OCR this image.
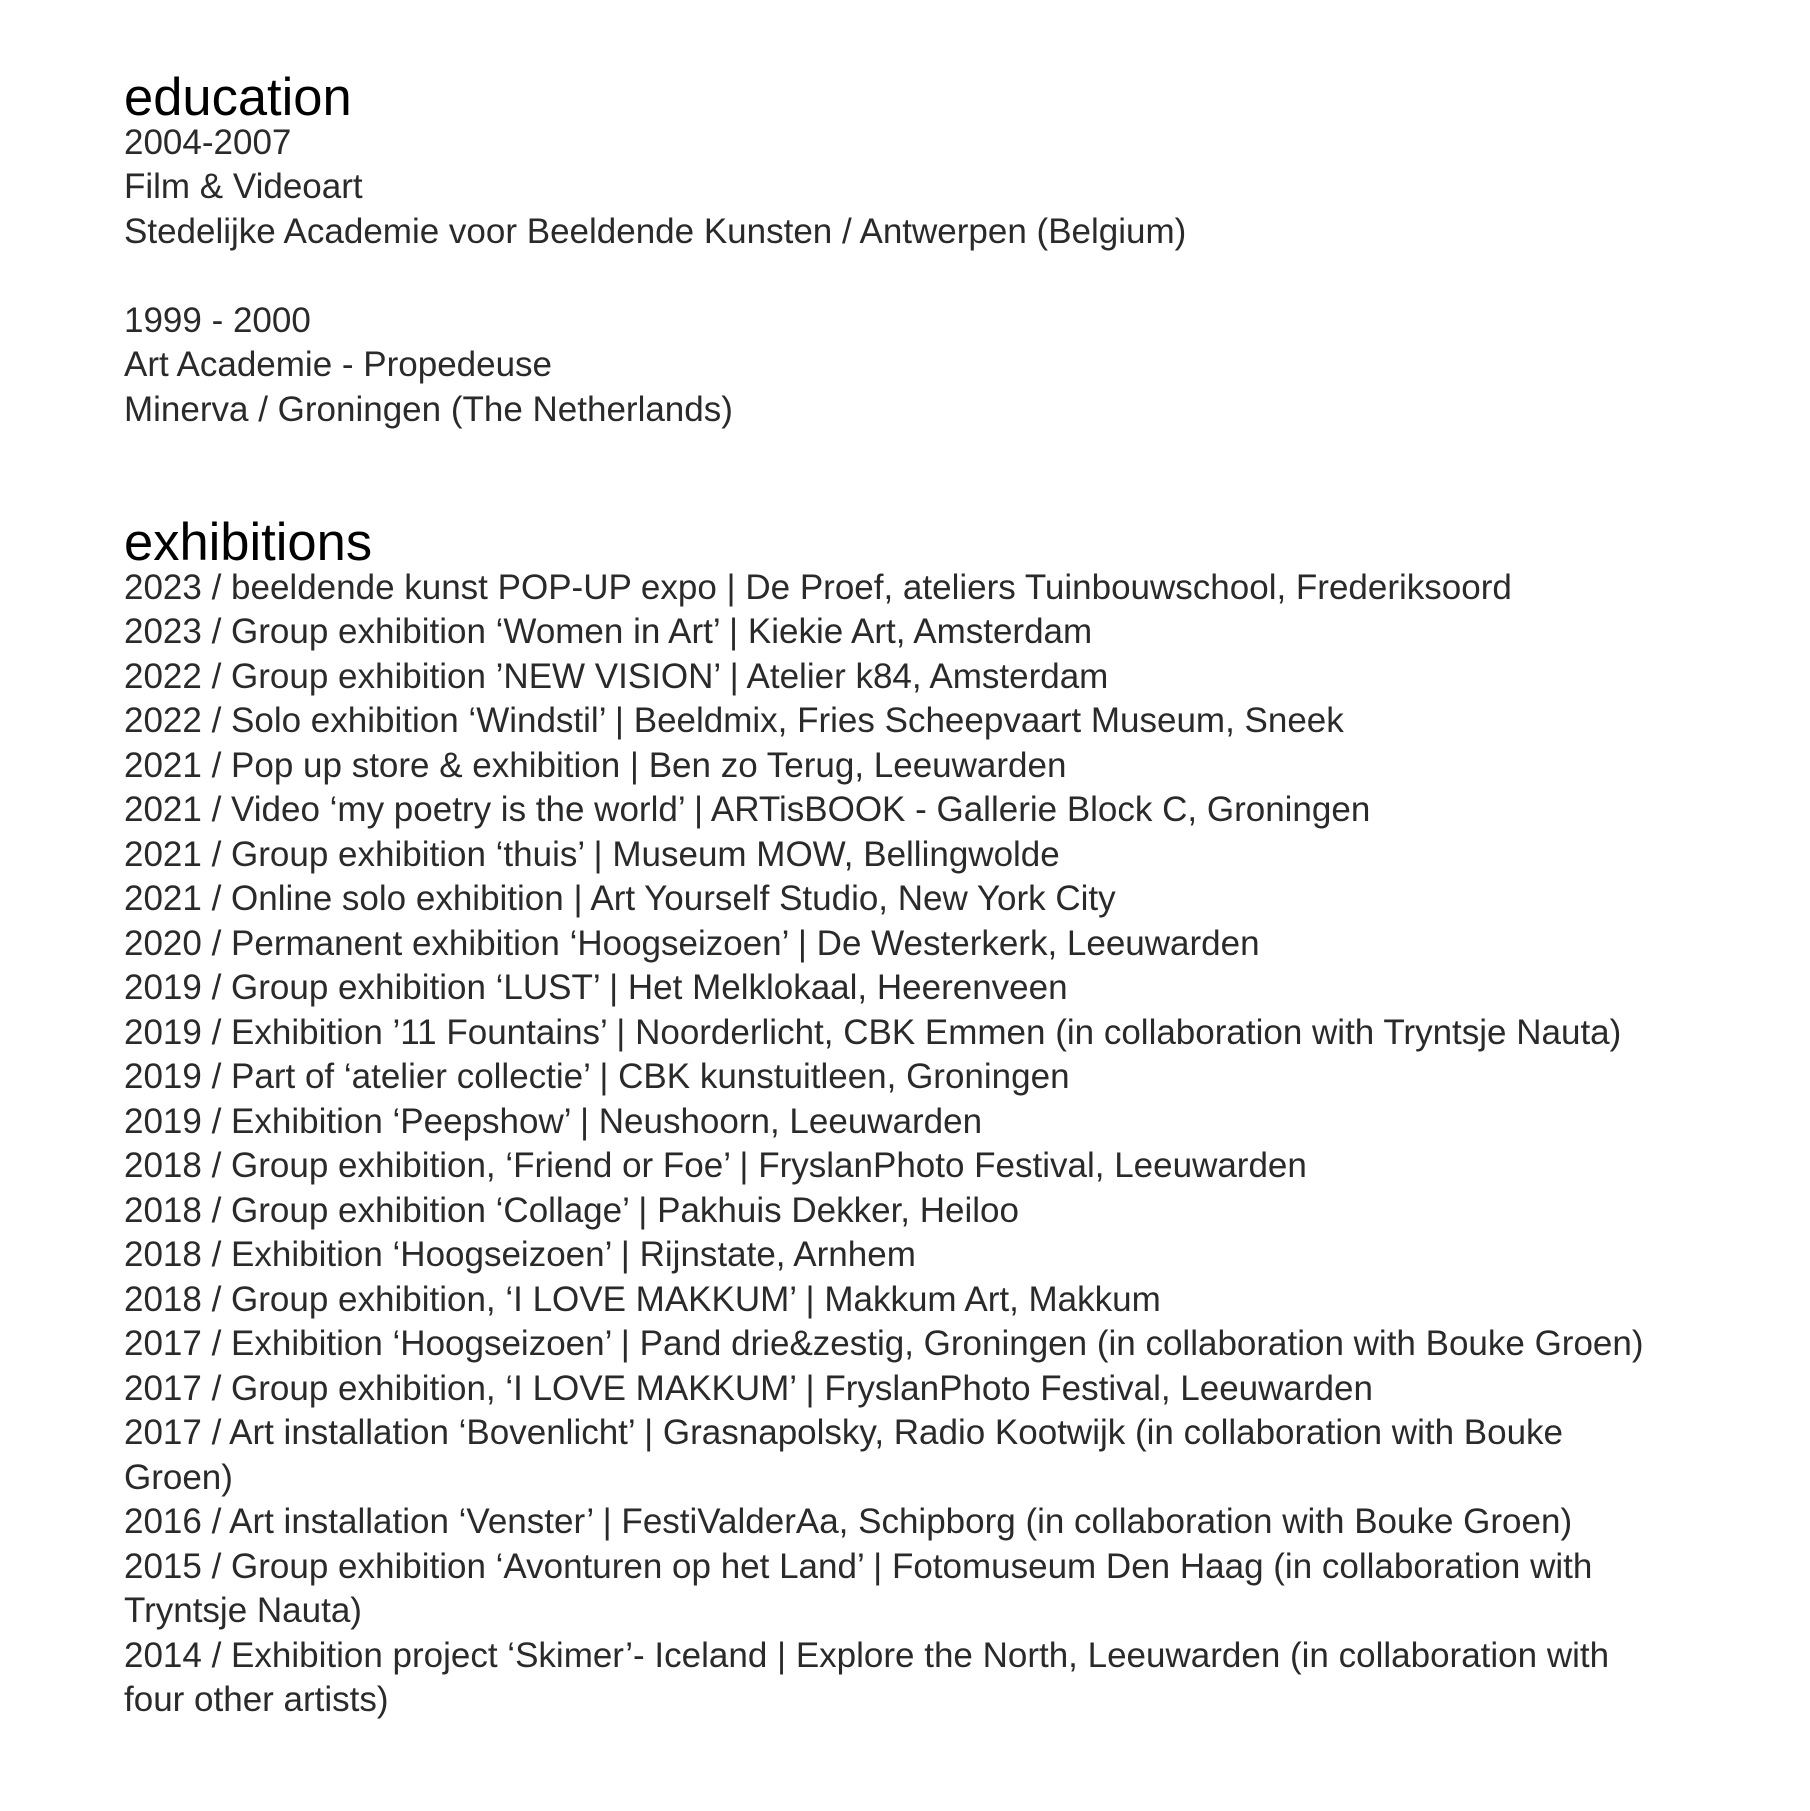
education
2004-2007
Film & Videoart
Stedelijke Academie voor Beeldende Kunsten / Antwerpen (Belgium)
1999 - 2000
Art Academie - Propedeuse
Minerva / Groningen (The Netherlands)
exhibitions
2023 / beeldende kunst POP-UP expo | De Proef, ateliers Tuinbouwschool, Frederiksoord
2023 / Group exhibition ‘Women in Art’ | Kiekie Art, Amsterdam
2022 / Group exhibition ’NEW VISION’ | Atelier k84, Amsterdam
2022 / Solo exhibition ‘Windstil’ | Beeldmix, Fries Scheepvaart Museum, Sneek
2021 / Pop up store & exhibition | Ben zo Terug, Leeuwarden
2021 / Video ‘my poetry is the world’ | ARTisBOOK - Gallerie Block C, Groningen
2021 / Group exhibition ‘thuis’ | Museum MOW, Bellingwolde
2021 / Online solo exhibition | Art Yourself Studio, New York City
2020 / Permanent exhibition ‘Hoogseizoen’ | De Westerkerk, Leeuwarden
2019 / Group exhibition ‘LUST’ | Het Melklokaal, Heerenveen
2019 / Exhibition ’11 Fountains’ | Noorderlicht, CBK Emmen (in collaboration with Tryntsje Nauta)
2019 / Part of ‘atelier collectie’ | CBK kunstuitleen, Groningen
2019 / Exhibition ‘Peepshow’ | Neushoorn, Leeuwarden
2018 / Group exhibition, ‘Friend or Foe’ | FryslanPhoto Festival, Leeuwarden
2018 / Group exhibition ‘Collage’ | Pakhuis Dekker, Heiloo
2018 / Exhibition ‘Hoogseizoen’ | Rijnstate, Arnhem
2018 / Group exhibition, ‘I LOVE MAKKUM’ | Makkum Art, Makkum
2017 / Exhibition ‘Hoogseizoen’ | Pand drie&zestig, Groningen (in collaboration with Bouke Groen)
2017 / Group exhibition, ‘I LOVE MAKKUM’ | FryslanPhoto Festival, Leeuwarden
2017 / Art installation ‘Bovenlicht’ | Grasnapolsky, Radio Kootwijk (in collaboration with Bouke
Groen)
2016 / Art installation ‘Venster’ | FestiValderAa, Schipborg (in collaboration with Bouke Groen)
2015 / Group exhibition ‘Avonturen op het Land’ | Fotomuseum Den Haag (in collaboration with
Tryntsje Nauta)
2014 / Exhibition project ‘Skimer’- Iceland | Explore the North, Leeuwarden (in collaboration with
four other artists)
